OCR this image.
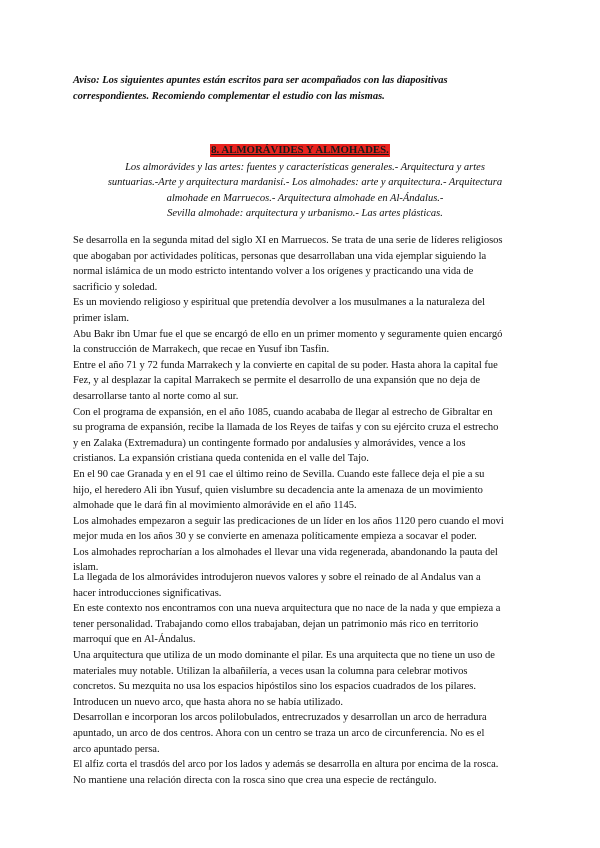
Aviso: Los siguientes apuntes están escritos para ser acompañados con las diapositivas
correspondientes. Recomiendo complementar el estudio con las mismas.
8. ALMORÁVIDES Y ALMOHADES.
Los almorávides y las artes: fuentes y características generales.- Arquitectura y artes
suntuarias.-Arte y arquitectura mardanisí.- Los almohades: arte y arquitectura.- Arquitectura
almohade en Marruecos.- Arquitectura almohade en Al-Ándalus.-
Sevilla almohade: arquitectura y urbanismo.- Las artes plásticas.
Se desarrolla en la segunda mitad del siglo XI en Marruecos. Se trata de una serie de líderes religiosos
que abogaban por actividades políticas, personas que desarrollaban una vida ejemplar siguiendo la
normal islámica de un modo estricto intentando volver a los orígenes y practicando una vida de
sacrificio y soledad.
Es un moviendo religioso y espiritual que pretendía devolver a los musulmanes a la naturaleza del
primer islam.
Abu Bakr ibn Umar fue el que se encargó de ello en un primer momento y seguramente quien encargó
la construcción de Marrakech, que recae en Yusuf ibn Tasfin.
Entre el año 71 y 72 funda Marrakech y la convierte en capital de su poder. Hasta ahora la capital fue
Fez, y al desplazar la capital Marrakech se permite el desarrollo de una expansión que no deja de
desarrollarse tanto al norte como al sur.
Con el programa de expansión, en el año 1085, cuando acababa de llegar al estrecho de Gibraltar en
su programa de expansión, recibe la llamada de los Reyes de taifas y con su ejército cruza el estrecho
y en Zalaka (Extremadura) un contingente formado por andalusíes y almorávides, vence a los
cristianos. La expansión cristiana queda contenida en el valle del Tajo.
En el 90 cae Granada y en el 91 cae el último reino de Sevilla. Cuando este fallece deja el pie a su
hijo, el heredero Ali ibn Yusuf, quien vislumbre su decadencia ante la amenaza de un movimiento
almohade que le dará fin al movimiento almorávide en el año 1145.
Los almohades empezaron a seguir las predicaciones de un líder en los años 1120 pero cuando el movi
mejor muda en los años 30 y se convierte en amenaza políticamente empieza a socavar el poder.
Los almohades reprocharían a los almohades el llevar una vida regenerada, abandonando la pauta del
islam.
La llegada de los almorávides introdujeron nuevos valores y sobre el reinado de al Andalus van a
hacer introducciones significativas.
En este contexto nos encontramos con una nueva arquitectura que no nace de la nada y que empieza a
tener personalidad. Trabajando como ellos trabajaban, dejan un patrimonio más rico en territorio
marroquí que en Al-Ándalus.
Una arquitectura que utiliza de un modo dominante el pilar. Es una arquitecta que no tiene un uso de
materiales muy notable. Utilizan la albañilería, a veces usan la columna para celebrar motivos
concretos. Su mezquita no usa los espacios hipóstilos sino los espacios cuadrados de los pilares.
Introducen un nuevo arco, que hasta ahora no se había utilizado.
Desarrollan e incorporan los arcos polilobulados, entrecruzados y desarrollan un arco de herradura
apuntado, un arco de dos centros. Ahora con un centro se traza un arco de circunferencia. No es el
arco apuntado persa.
El alfiz corta el trasdós del arco por los lados y además se desarrolla en altura por encima de la rosca.
No mantiene una relación directa con la rosca sino que crea una especie de rectángulo.
